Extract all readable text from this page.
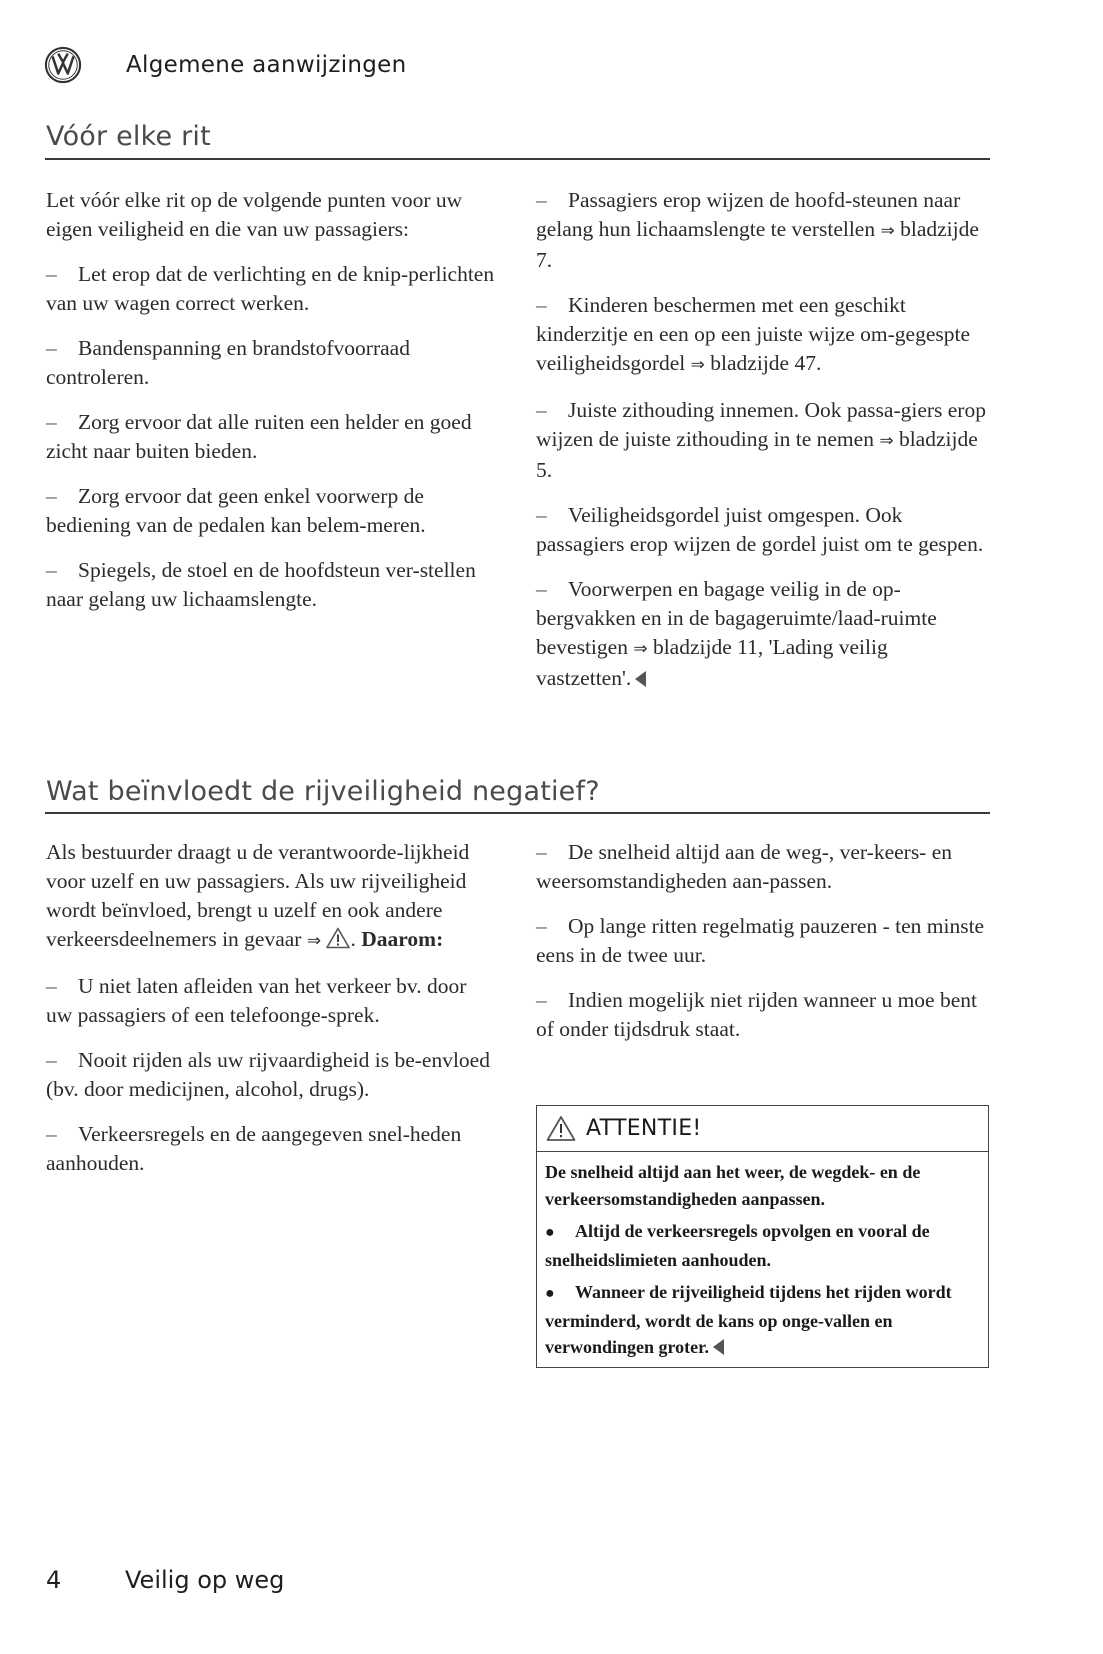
Algemene aanwijzingen
Vóór elke rit

Let vóór elke rit op de volgende punten voor uw eigen veiligheid en die van uw passagiers:

– Let erop dat de verlichting en de knip-perlichten van uw wagen correct werken.

– Bandenspanning en brandstofvoorraad controleren.

– Zorg ervoor dat alle ruiten een helder en goed zicht naar buiten bieden.

– Zorg ervoor dat geen enkel voorwerp de bediening van de pedalen kan belem-meren.

– Spiegels, de stoel en de hoofdsteun ver-stellen naar gelang uw lichaamslengte.

– Passagiers erop wijzen de hoofd-steunen naar gelang hun lichaamslengte te verstellen ⇒ bladzijde 7.

– Kinderen beschermen met een geschikt kinderzitje en een op een juiste wijze om-gegespte veiligheidsgordel ⇒ bladzijde 47.

– Juiste zithouding innemen. Ook passa-giers erop wijzen de juiste zithouding in te nemen ⇒ bladzijde 5.

– Veiligheidsgordel juist omgespen. Ook passagiers erop wijzen de gordel juist om te gespen.

– Voorwerpen en bagage veilig in de op-bergvakken en in de bagageruimte/laad-ruimte bevestigen ⇒ bladzijde 11, 'Lading veilig vastzetten'.

Wat beïnvloedt de rijveiligheid negatief?

Als bestuurder draagt u de verantwoorde-lijkheid voor uzelf en uw passagiers. Als uw rijveiligheid wordt beïnvloed, brengt u uzelf en ook andere verkeersdeelnemers in gevaar ⇒ . Daarom:

– U niet laten afleiden van het verkeer bv. door uw passagiers of een telefoonge-sprek.

– Nooit rijden als uw rijvaardigheid is be-envloed (bv. door medicijnen, alcohol, drugs).

– Verkeersregels en de aangegeven snel-heden aanhouden.

– De snelheid altijd aan de weg-, ver-keers- en weersomstandigheden aan-passen.

– Op lange ritten regelmatig pauzeren - ten minste eens in de twee uur.

– Indien mogelijk niet rijden wanneer u moe bent of onder tijdsdruk staat.

ATTENTIE!

De snelheid altijd aan het weer, de wegdek- en de verkeersomstandigheden aanpassen.

● Altijd de verkeersregels opvolgen en vooral de snelheidslimieten aanhouden.

● Wanneer de rijveiligheid tijdens het rijden wordt verminderd, wordt de kans op onge-vallen en verwondingen groter.

4	Veilig op weg
